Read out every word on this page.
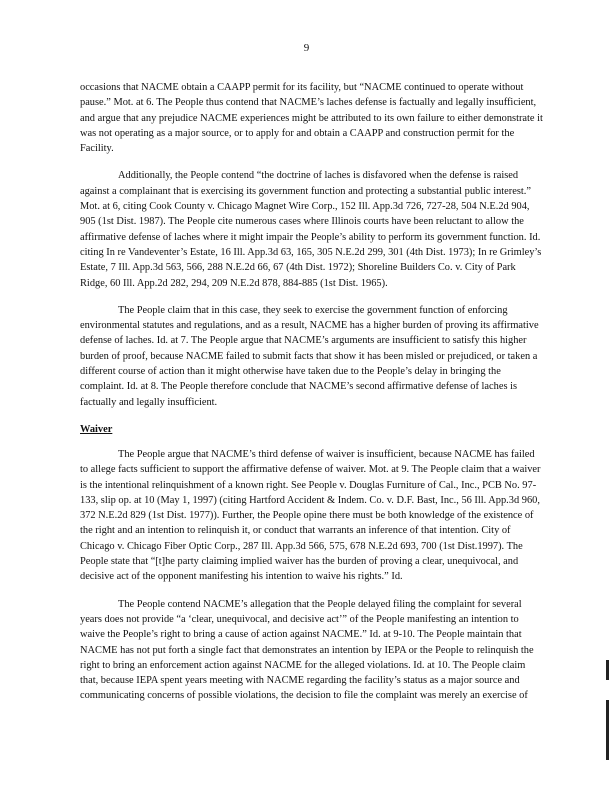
9

occasions that NACME obtain a CAAPP permit for its facility, but “NACME continued to operate without pause.” Mot. at 6. The People thus contend that NACME’s laches defense is factually and legally insufficient, and argue that any prejudice NACME experiences might be attributed to its own failure to either demonstrate it was not operating as a major source, or to apply for and obtain a CAAPP and construction permit for the Facility.

Additionally, the People contend “the doctrine of laches is disfavored when the defense is raised against a complainant that is exercising its government function and protecting a substantial public interest.” Mot. at 6, citing Cook County v. Chicago Magnet Wire Corp., 152 Ill. App.3d 726, 727-28, 504 N.E.2d 904, 905 (1st Dist. 1987). The People cite numerous cases where Illinois courts have been reluctant to allow the affirmative defense of laches where it might impair the People’s ability to perform its government function. Id. citing In re Vandeventer’s Estate, 16 Ill. App.3d 63, 165, 305 N.E.2d 299, 301 (4th Dist. 1973); In re Grimley’s Estate, 7 Ill. App.3d 563, 566, 288 N.E.2d 66, 67 (4th Dist. 1972); Shoreline Builders Co. v. City of Park Ridge, 60 Ill. App.2d 282, 294, 209 N.E.2d 878, 884-885 (1st Dist. 1965).

The People claim that in this case, they seek to exercise the government function of enforcing environmental statutes and regulations, and as a result, NACME has a higher burden of proving its affirmative defense of laches. Id. at 7. The People argue that NACME’s arguments are insufficient to satisfy this higher burden of proof, because NACME failed to submit facts that show it has been misled or prejudiced, or taken a different course of action than it might otherwise have taken due to the People’s delay in bringing the complaint. Id. at 8. The People therefore conclude that NACME’s second affirmative defense of laches is factually and legally insufficient.

Waiver

The People argue that NACME’s third defense of waiver is insufficient, because NACME has failed to allege facts sufficient to support the affirmative defense of waiver. Mot. at 9. The People claim that a waiver is the intentional relinquishment of a known right. See People v. Douglas Furniture of Cal., Inc., PCB No. 97-133, slip op. at 10 (May 1, 1997) (citing Hartford Accident & Indem. Co. v. D.F. Bast, Inc., 56 Ill. App.3d 960, 372 N.E.2d 829 (1st Dist. 1977)). Further, the People opine there must be both knowledge of the existence of the right and an intention to relinquish it, or conduct that warrants an inference of that intention. City of Chicago v. Chicago Fiber Optic Corp., 287 Ill. App.3d 566, 575, 678 N.E.2d 693, 700 (1st Dist.1997). The People state that “[t]he party claiming implied waiver has the burden of proving a clear, unequivocal, and decisive act of the opponent manifesting his intention to waive his rights.” Id.

The People contend NACME’s allegation that the People delayed filing the complaint for several years does not provide “a ‘clear, unequivocal, and decisive act’” of the People manifesting an intention to waive the People’s right to bring a cause of action against NACME.” Id. at 9-10. The People maintain that NACME has not put forth a single fact that demonstrates an intention by IEPA or the People to relinquish the right to bring an enforcement action against NACME for the alleged violations. Id. at 10. The People claim that, because IEPA spent years meeting with NACME regarding the facility’s status as a major source and communicating concerns of possible violations, the decision to file the complaint was merely an exercise of
